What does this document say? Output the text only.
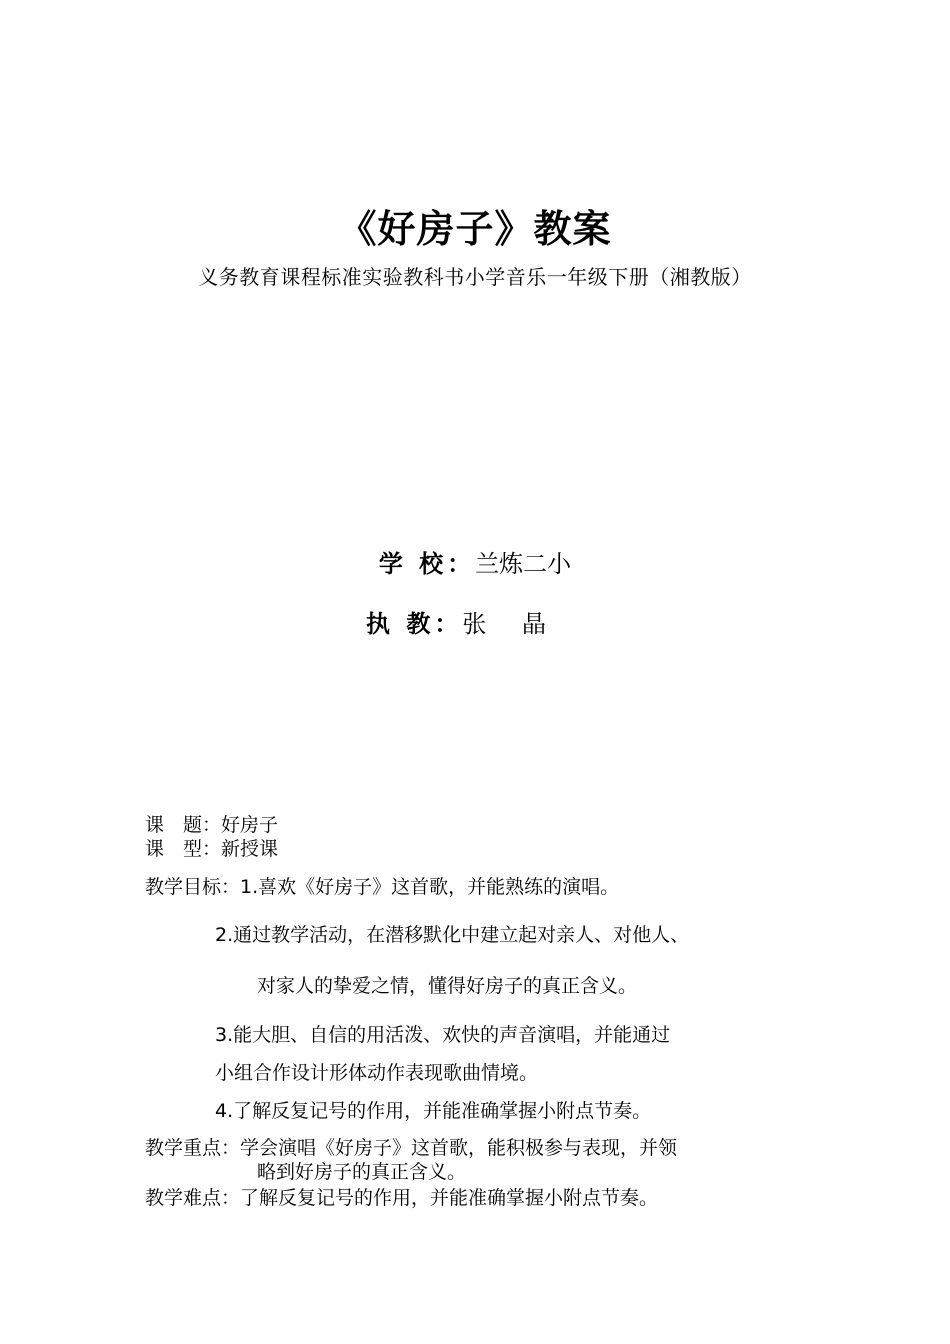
《好房子》教案
义务教育课程标准实验教科书小学音乐一年级下册（湘教版）
学 校：兰炼二小
执 教：张 晶
课　题：好房子
课　型：新授课
教学目标：1.喜欢《好房子》这首歌，并能熟练的演唱。
2.通过教学活动，在潜移默化中建立起对亲人、对他人、
对家人的挚爱之情，懂得好房子的真正含义。
3.能大胆、自信的用活泼、欢快的声音演唱，并能通过
小组合作设计形体动作表现歌曲情境。
4.了解反复记号的作用，并能准确掌握小附点节奏。
教学重点：学会演唱《好房子》这首歌，能积极参与表现，并领
略到好房子的真正含义。
教学难点：了解反复记号的作用，并能准确掌握小附点节奏。
